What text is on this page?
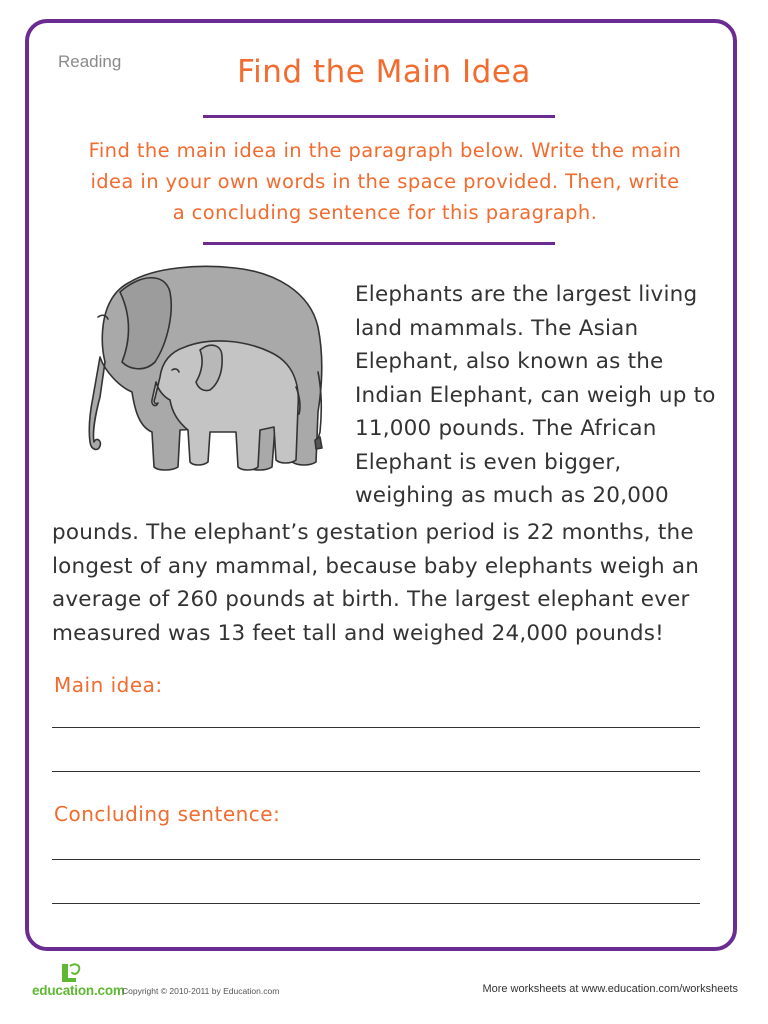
Reading	Find the Main Idea
Find the main idea in the paragraph below. Write the main
idea in your own words in the space provided. Then, write
a concluding sentence for this paragraph.
Elephants are the largest living
land mammals. The Asian
Elephant, also known as the
Indian Elephant, can weigh up to
11,000 pounds. The African
Elephant is even bigger,
weighing as much as 20,000
pounds. The elephant’s gestation period is 22 months, the
longest of any mammal, because baby elephants weigh an
average of 260 pounds at birth. The largest elephant ever
measured was 13 feet tall and weighed 24,000 pounds!
Main idea:
Concluding sentence:
education.com
Copyright © 2010-2011 by Education.com	More worksheets at www.education.com/worksheets
